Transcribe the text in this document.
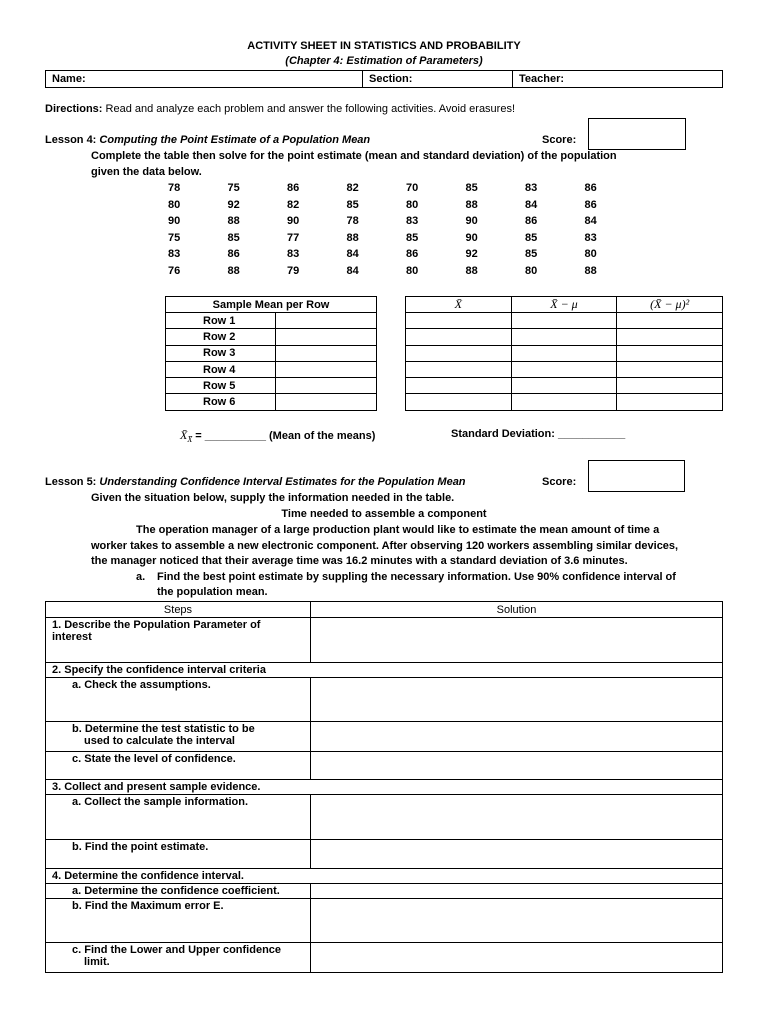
ACTIVITY SHEET IN STATISTICS AND PROBABILITY
(Chapter 4: Estimation of Parameters)
Name:	Section:	Teacher:
Directions: Read and analyze each problem and answer the following activities. Avoid erasures!
Lesson 4: Computing the Point Estimate of a Population Mean	Score:
Complete the table then solve for the point estimate (mean and standard deviation) of the population
given the data below.
78	75	86	82	70	85	83	86
80	92	82	85	80	88	84	86
90	88	90	78	83	90	86	84
75	85	77	88	85	90	85	83
83	86	83	84	86	92	85	80
76	88	79	84	80	88	80	88
Sample Mean per Row	
Row 1	
Row 2	
Row 3	
Row 4	
Row 5	
Row 6	
X̄	X̄ − μ	(X̄ − μ)²

$X̄_{X̄}$ = __________ (Mean of the means)	Standard Deviation: ___________
Lesson 5: Understanding Confidence Interval Estimates for the Population Mean	Score:
Given the situation below, supply the information needed in the table.
Time needed to assemble a component
The operation manager of a large production plant would like to estimate the mean amount of time a
worker takes to assemble a new electronic component. After observing 120 workers assembling similar devices,
the manager noticed that their average time was 16.2 minutes with a standard deviation of 3.6 minutes.
a. Find the best point estimate by suppling the necessary information. Use 90% confidence interval of
the population mean.
Steps	Solution
1. Describe the Population Parameter of
interest	
2. Specify the confidence interval criteria	
a. Check the assumptions.	
b. Determine the test statistic to be

used to calculate the interval	

c. State the level of confidence.	
3. Collect and present sample evidence.	
a. Collect the sample information.	
b. Find the point estimate.	
4. Determine the confidence interval.	
a. Determine the confidence coefficient.	
b. Find the Maximum error E.	
c. Find the Lower and Upper confidence

limit.	
